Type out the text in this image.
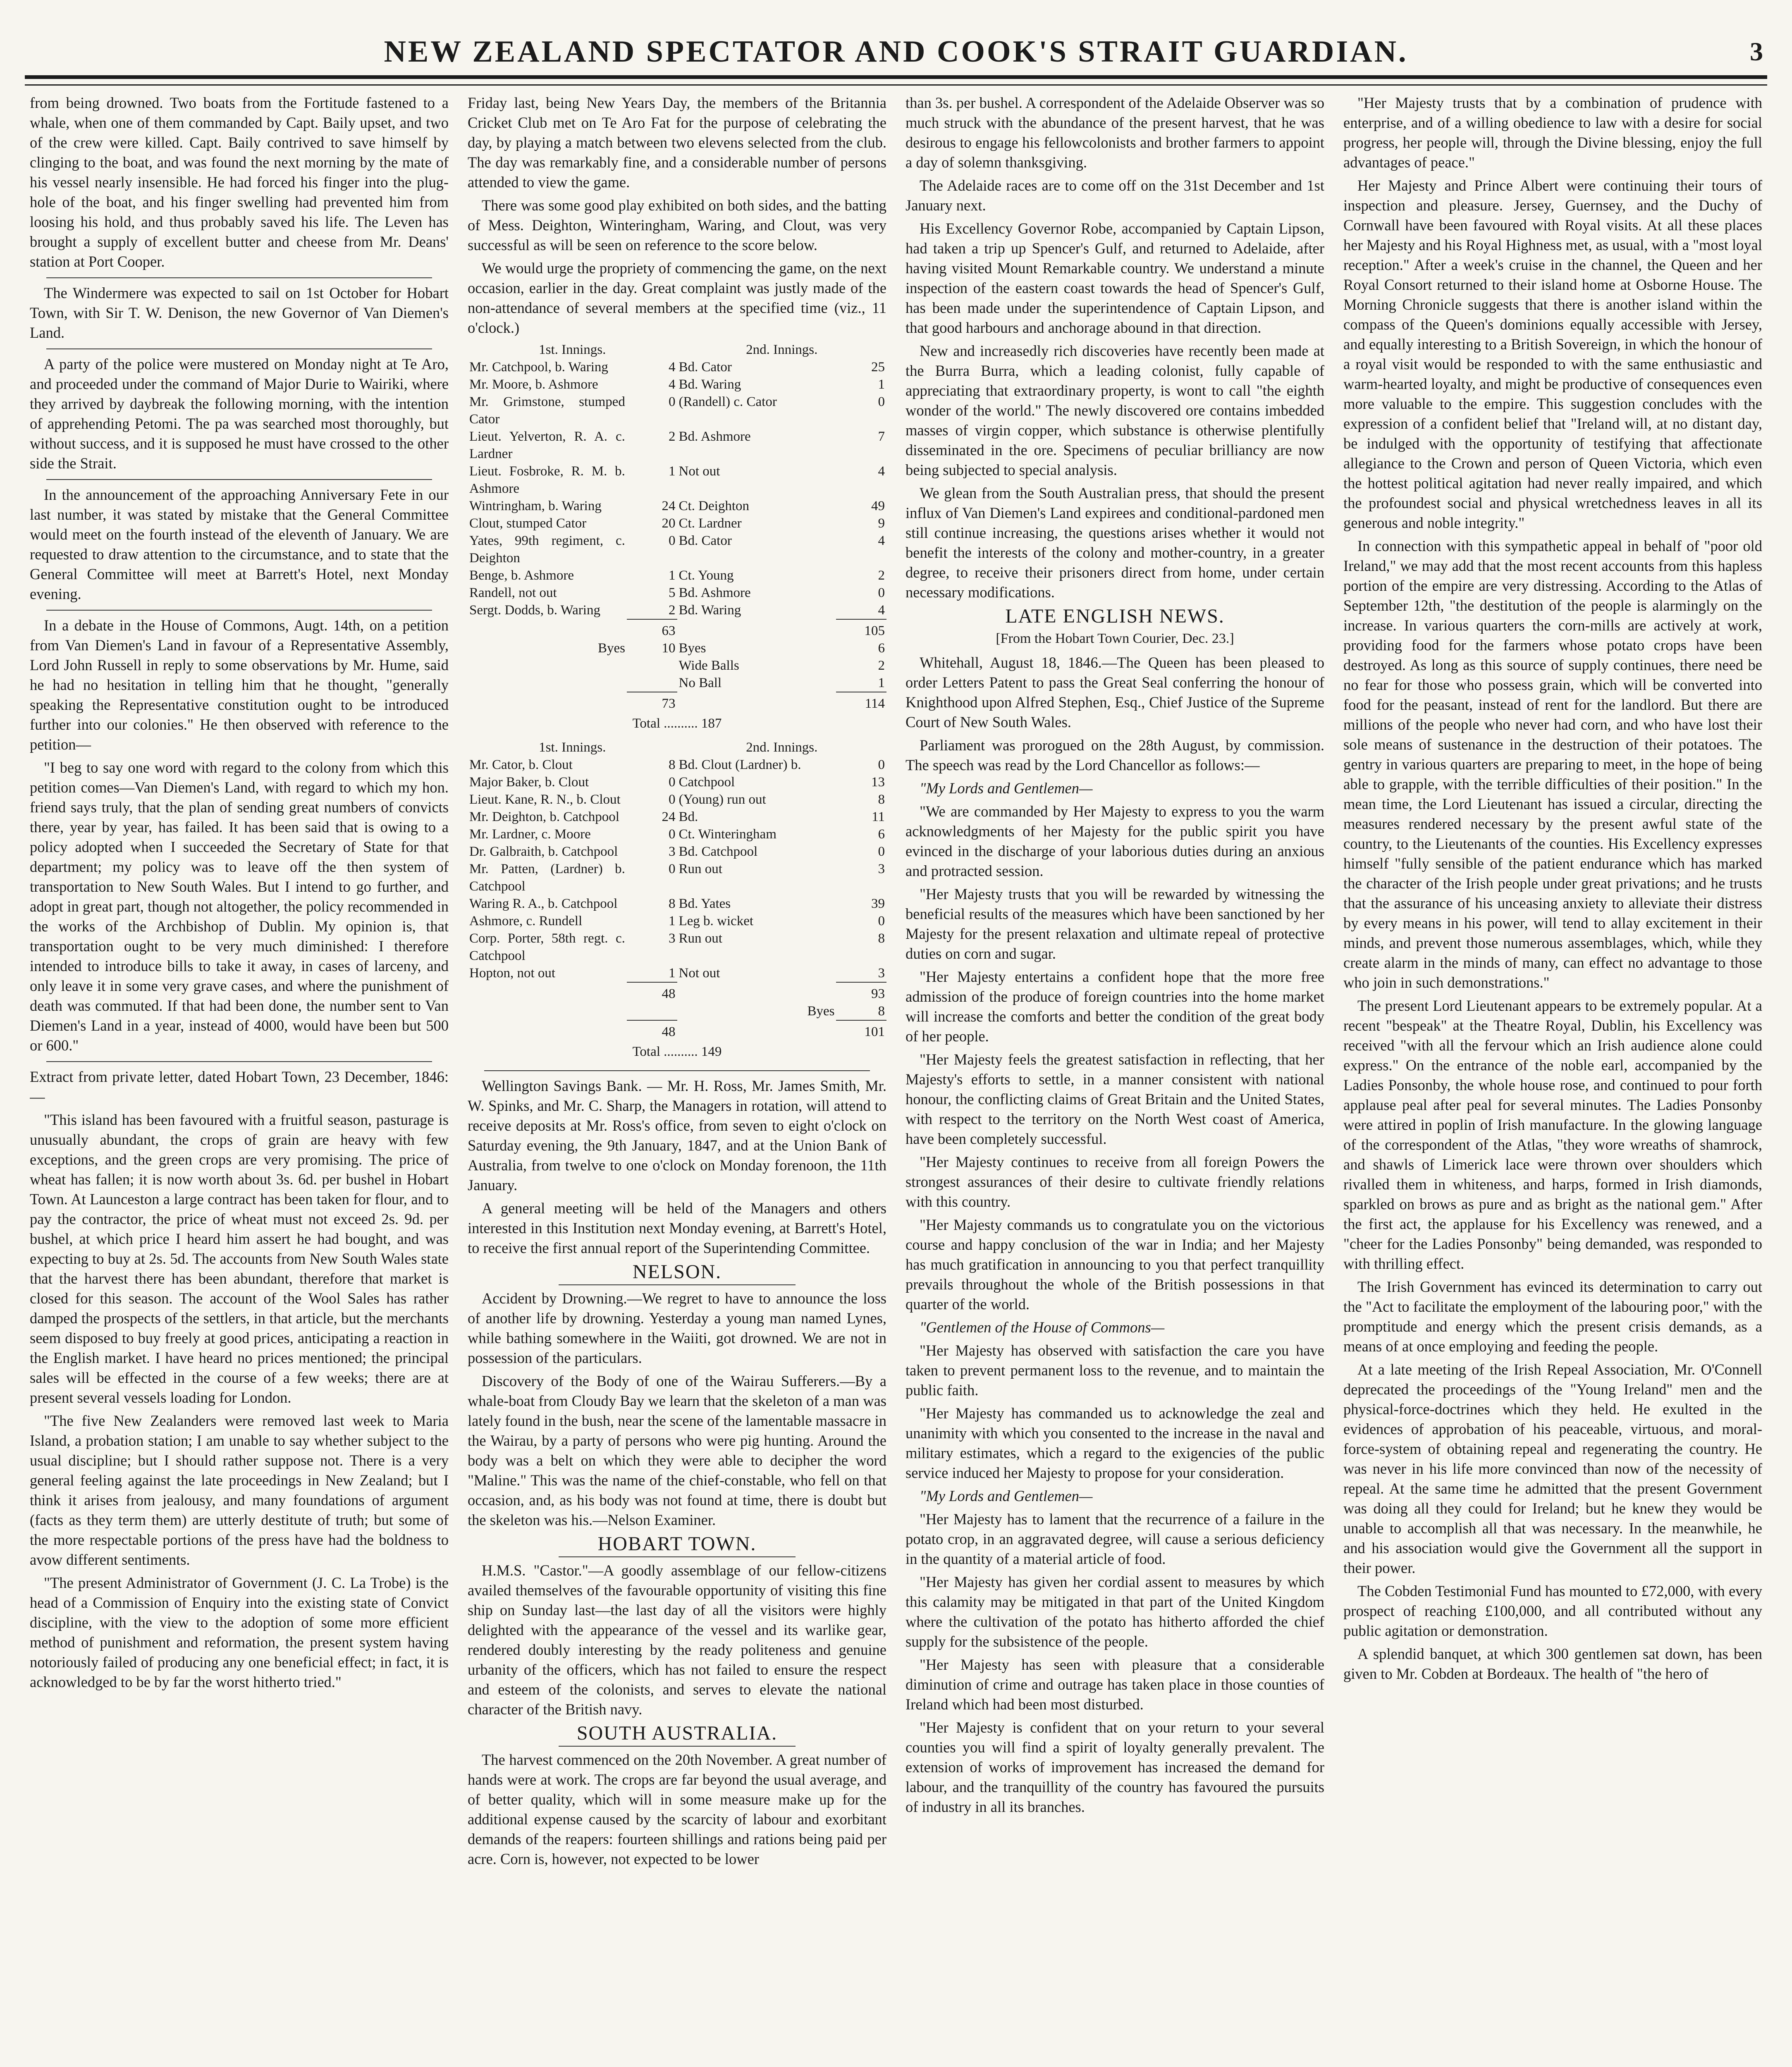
NEW ZEALAND SPECTATOR AND COOK'S STRAIT GUARDIAN.	3

from being drowned. Two boats from the Fortitude fastened to a whale, when one of them commanded by Capt. Baily upset, and two of the crew were killed. Capt. Baily contrived to save himself by clinging to the boat, and was found the next morning by the mate of his vessel nearly insensible. He had forced his finger into the plug-hole of the boat, and his finger swelling had prevented him from loosing his hold, and thus probably saved his life. The Leven has brought a supply of excellent butter and cheese from Mr. Deans' station at Port Cooper.

The Windermere was expected to sail on 1st October for Hobart Town, with Sir T. W. Denison, the new Governor of Van Diemen's Land.

A party of the police were mustered on Monday night at Te Aro, and proceeded under the command of Major Durie to Wairiki, where they arrived by daybreak the following morning, with the intention of apprehending Petomi. The pa was searched most thoroughly, but without success, and it is supposed he must have crossed to the other side the Strait.

In the announcement of the approaching Anniversary Fete in our last number, it was stated by mistake that the General Committee would meet on the fourth instead of the eleventh of January. We are requested to draw attention to the circumstance, and to state that the General Committee will meet at Barrett's Hotel, next Monday evening.

In a debate in the House of Commons, Augt. 14th, on a petition from Van Diemen's Land in favour of a Representative Assembly, Lord John Russell in reply to some observations by Mr. Hume, said he had no hesitation in telling him that he thought, "generally speaking the Representative constitution ought to be introduced further into our colonies." He then observed with reference to the petition—

"I beg to say one word with regard to the colony from which this petition comes—Van Diemen's Land, with regard to which my hon. friend says truly, that the plan of sending great numbers of convicts there, year by year, has failed. It has been said that is owing to a policy adopted when I succeeded the Secretary of State for that department; my policy was to leave off the then system of transportation to New South Wales. But I intend to go further, and adopt in great part, though not altogether, the policy recommended in the works of the Archbishop of Dublin. My opinion is, that transportation ought to be very much diminished: I therefore intended to introduce bills to take it away, in cases of larceny, and only leave it in some very grave cases, and where the punishment of death was commuted. If that had been done, the number sent to Van Diemen's Land in a year, instead of 4000, would have been but 500 or 600."

Extract from private letter, dated Hobart Town, 23 December, 1846:—

"This island has been favoured with a fruitful season, pasturage is unusually abundant, the crops of grain are heavy with few exceptions, and the green crops are very promising. The price of wheat has fallen; it is now worth about 3s. 6d. per bushel in Hobart Town. At Launceston a large contract has been taken for flour, and to pay the contractor, the price of wheat must not exceed 2s. 9d. per bushel, at which price I heard him assert he had bought, and was expecting to buy at 2s. 5d. The accounts from New South Wales state that the harvest there has been abundant, therefore that market is closed for this season. The account of the Wool Sales has rather damped the prospects of the settlers, in that article, but the merchants seem disposed to buy freely at good prices, anticipating a reaction in the English market. I have heard no prices mentioned; the principal sales will be effected in the course of a few weeks; there are at present several vessels loading for London.

"The five New Zealanders were removed last week to Maria Island, a probation station; I am unable to say whether subject to the usual discipline; but I should rather suppose not. There is a very general feeling against the late proceedings in New Zealand; but I think it arises from jealousy, and many foundations of argument (facts as they term them) are utterly destitute of truth; but some of the more respectable portions of the press have had the boldness to avow different sentiments.

"The present Administrator of Government (J. C. La Trobe) is the head of a Commission of Enquiry into the existing state of Convict discipline, with the view to the adoption of some more efficient method of punishment and reformation, the present system having notoriously failed of producing any one beneficial effect; in fact, it is acknowledged to be by far the worst hitherto tried."

Friday last, being New Years Day, the members of the Britannia Cricket Club met on Te Aro Fat for the purpose of celebrating the day, by playing a match between two elevens selected from the club. The day was remarkably fine, and a considerable number of persons attended to view the game.

There was some good play exhibited on both sides, and the batting of Mess. Deighton, Winteringham, Waring, and Clout, was very successful as will be seen on reference to the score below.

We would urge the propriety of commencing the game, on the next occasion, earlier in the day. Great complaint was justly made of the non-attendance of several members at the specified time (viz., 11 o'clock.)

1st. Innings.		2nd. Innings.	
Mr. Catchpool, b. Waring	4	Bd. Cator	25
Mr. Moore, b. Ashmore	4	Bd. Waring	1
Mr. Grimstone, stumped Cator	0	(Randell) c. Cator	0
Lieut. Yelverton, R. A. c. Lardner	2	Bd. Ashmore	7
Lieut. Fosbroke, R. M. b. Ashmore	1	Not out	4
Wintringham, b. Waring	24	Ct. Deighton	49
Clout, stumped Cator	20	Ct. Lardner	9
Yates, 99th regiment, c. Deighton	0	Bd. Cator	4
Benge, b. Ashmore	1	Ct. Young	2
Randell, not out	5	Bd. Ashmore	0
Sergt. Dodds, b. Waring	2	Bd. Waring	4
	63		105
Byes	10	Byes	6
		Wide Balls	2
		No Ball	1
	73		114
Total .......... 187			
1st. Innings.		2nd. Innings.	
Mr. Cator, b. Clout	8	Bd. Clout (Lardner) b.	0
Major Baker, b. Clout	0	Catchpool	13
Lieut. Kane, R. N., b. Clout	0	(Young) run out	8
Mr. Deighton, b. Catchpool	24	Bd.	11
Mr. Lardner, c. Moore	0	Ct. Winteringham	6
Dr. Galbraith, b. Catchpool	3	Bd. Catchpool	0
Mr. Patten, (Lardner) b. Catchpool	0	Run out	3
Waring R. A., b. Catchpool	8	Bd. Yates	39
Ashmore, c. Rundell	1	Leg b. wicket	0
Corp. Porter, 58th regt. c. Catchpool	3	Run out	8
Hopton, not out	1	Not out	3
	48		93
		Byes	8
	48		101
Total .......... 149			

Wellington Savings Bank. — Mr. H. Ross, Mr. James Smith, Mr. W. Spinks, and Mr. C. Sharp, the Managers in rotation, will attend to receive deposits at Mr. Ross's office, from seven to eight o'clock on Saturday evening, the 9th January, 1847, and at the Union Bank of Australia, from twelve to one o'clock on Monday forenoon, the 11th January.

A general meeting will be held of the Managers and others interested in this Institution next Monday evening, at Barrett's Hotel, to receive the first annual report of the Superintending Committee.

NELSON.

Accident by Drowning.—We regret to have to announce the loss of another life by drowning. Yesterday a young man named Lynes, while bathing somewhere in the Waiiti, got drowned. We are not in possession of the particulars.

Discovery of the Body of one of the Wairau Sufferers.—By a whale-boat from Cloudy Bay we learn that the skeleton of a man was lately found in the bush, near the scene of the lamentable massacre in the Wairau, by a party of persons who were pig hunting. Around the body was a belt on which they were able to decipher the word "Maline." This was the name of the chief-constable, who fell on that occasion, and, as his body was not found at time, there is doubt but the skeleton was his.—Nelson Examiner.

HOBART TOWN.

H.M.S. "Castor."—A goodly assemblage of our fellow-citizens availed themselves of the favourable opportunity of visiting this fine ship on Sunday last—the last day of all the visitors were highly delighted with the appearance of the vessel and its warlike gear, rendered doubly interesting by the ready politeness and genuine urbanity of the officers, which has not failed to ensure the respect and esteem of the colonists, and serves to elevate the national character of the British navy.

SOUTH AUSTRALIA.

The harvest commenced on the 20th November. A great number of hands were at work. The crops are far beyond the usual average, and of better quality, which will in some measure make up for the additional expense caused by the scarcity of labour and exorbitant demands of the reapers: fourteen shillings and rations being paid per acre. Corn is, however, not expected to be lower

than 3s. per bushel. A correspondent of the Adelaide Observer was so much struck with the abundance of the present harvest, that he was desirous to engage his fellowcolonists and brother farmers to appoint a day of solemn thanksgiving.

The Adelaide races are to come off on the 31st December and 1st January next.

His Excellency Governor Robe, accompanied by Captain Lipson, had taken a trip up Spencer's Gulf, and returned to Adelaide, after having visited Mount Remarkable country. We understand a minute inspection of the eastern coast towards the head of Spencer's Gulf, has been made under the superintendence of Captain Lipson, and that good harbours and anchorage abound in that direction.

New and increasedly rich discoveries have recently been made at the Burra Burra, which a leading colonist, fully capable of appreciating that extraordinary property, is wont to call "the eighth wonder of the world." The newly discovered ore contains imbedded masses of virgin copper, which substance is otherwise plentifully disseminated in the ore. Specimens of peculiar brilliancy are now being subjected to special analysis.

We glean from the South Australian press, that should the present influx of Van Diemen's Land expirees and conditional-pardoned men still continue increasing, the questions arises whether it would not benefit the interests of the colony and mother-country, in a greater degree, to receive their prisoners direct from home, under certain necessary modifications.

LATE ENGLISH NEWS.
[From the Hobart Town Courier, Dec. 23.]

Whitehall, August 18, 1846.—The Queen has been pleased to order Letters Patent to pass the Great Seal conferring the honour of Knighthood upon Alfred Stephen, Esq., Chief Justice of the Supreme Court of New South Wales.

Parliament was prorogued on the 28th August, by commission. The speech was read by the Lord Chancellor as follows:—

"My Lords and Gentlemen—

"We are commanded by Her Majesty to express to you the warm acknowledgments of her Majesty for the public spirit you have evinced in the discharge of your laborious duties during an anxious and protracted session.

"Her Majesty trusts that you will be rewarded by witnessing the beneficial results of the measures which have been sanctioned by her Majesty for the present relaxation and ultimate repeal of protective duties on corn and sugar.

"Her Majesty entertains a confident hope that the more free admission of the produce of foreign countries into the home market will increase the comforts and better the condition of the great body of her people.

"Her Majesty feels the greatest satisfaction in reflecting, that her Majesty's efforts to settle, in a manner consistent with national honour, the conflicting claims of Great Britain and the United States, with respect to the territory on the North West coast of America, have been completely successful.

"Her Majesty continues to receive from all foreign Powers the strongest assurances of their desire to cultivate friendly relations with this country.

"Her Majesty commands us to congratulate you on the victorious course and happy conclusion of the war in India; and her Majesty has much gratification in announcing to you that perfect tranquillity prevails throughout the whole of the British possessions in that quarter of the world.

"Gentlemen of the House of Commons—

"Her Majesty has observed with satisfaction the care you have taken to prevent permanent loss to the revenue, and to maintain the public faith.

"Her Majesty has commanded us to acknowledge the zeal and unanimity with which you consented to the increase in the naval and military estimates, which a regard to the exigencies of the public service induced her Majesty to propose for your consideration.

"My Lords and Gentlemen—

"Her Majesty has to lament that the recurrence of a failure in the potato crop, in an aggravated degree, will cause a serious deficiency in the quantity of a material article of food.

"Her Majesty has given her cordial assent to measures by which this calamity may be mitigated in that part of the United Kingdom where the cultivation of the potato has hitherto afforded the chief supply for the subsistence of the people.

"Her Majesty has seen with pleasure that a considerable diminution of crime and outrage has taken place in those counties of Ireland which had been most disturbed.

"Her Majesty is confident that on your return to your several counties you will find a spirit of loyalty generally prevalent. The extension of works of improvement has increased the demand for labour, and the tranquillity of the country has favoured the pursuits of industry in all its branches.

"Her Majesty trusts that by a combination of prudence with enterprise, and of a willing obedience to law with a desire for social progress, her people will, through the Divine blessing, enjoy the full advantages of peace."

Her Majesty and Prince Albert were continuing their tours of inspection and pleasure. Jersey, Guernsey, and the Duchy of Cornwall have been favoured with Royal visits. At all these places her Majesty and his Royal Highness met, as usual, with a "most loyal reception." After a week's cruise in the channel, the Queen and her Royal Consort returned to their island home at Osborne House. The Morning Chronicle suggests that there is another island within the compass of the Queen's dominions equally accessible with Jersey, and equally interesting to a British Sovereign, in which the honour of a royal visit would be responded to with the same enthusiastic and warm-hearted loyalty, and might be productive of consequences even more valuable to the empire. This suggestion concludes with the expression of a confident belief that "Ireland will, at no distant day, be indulged with the opportunity of testifying that affectionate allegiance to the Crown and person of Queen Victoria, which even the hottest political agitation had never really impaired, and which the profoundest social and physical wretchedness leaves in all its generous and noble integrity."

In connection with this sympathetic appeal in behalf of "poor old Ireland," we may add that the most recent accounts from this hapless portion of the empire are very distressing. According to the Atlas of September 12th, "the destitution of the people is alarmingly on the increase. In various quarters the corn-mills are actively at work, providing food for the farmers whose potato crops have been destroyed. As long as this source of supply continues, there need be no fear for those who possess grain, which will be converted into food for the peasant, instead of rent for the landlord. But there are millions of the people who never had corn, and who have lost their sole means of sustenance in the destruction of their potatoes. The gentry in various quarters are preparing to meet, in the hope of being able to grapple, with the terrible difficulties of their position." In the mean time, the Lord Lieutenant has issued a circular, directing the measures rendered necessary by the present awful state of the country, to the Lieutenants of the counties. His Excellency expresses himself "fully sensible of the patient endurance which has marked the character of the Irish people under great privations; and he trusts that the assurance of his unceasing anxiety to alleviate their distress by every means in his power, will tend to allay excitement in their minds, and prevent those numerous assemblages, which, while they create alarm in the minds of many, can effect no advantage to those who join in such demonstrations."

The present Lord Lieutenant appears to be extremely popular. At a recent "bespeak" at the Theatre Royal, Dublin, his Excellency was received "with all the fervour which an Irish audience alone could express." On the entrance of the noble earl, accompanied by the Ladies Ponsonby, the whole house rose, and continued to pour forth applause peal after peal for several minutes. The Ladies Ponsonby were attired in poplin of Irish manufacture. In the glowing language of the correspondent of the Atlas, "they wore wreaths of shamrock, and shawls of Limerick lace were thrown over shoulders which rivalled them in whiteness, and harps, formed in Irish diamonds, sparkled on brows as pure and as bright as the national gem." After the first act, the applause for his Excellency was renewed, and a "cheer for the Ladies Ponsonby" being demanded, was responded to with thrilling effect.

The Irish Government has evinced its determination to carry out the "Act to facilitate the employment of the labouring poor," with the promptitude and energy which the present crisis demands, as a means of at once employing and feeding the people.

At a late meeting of the Irish Repeal Association, Mr. O'Connell deprecated the proceedings of the "Young Ireland" men and the physical-force-doctrines which they held. He exulted in the evidences of approbation of his peaceable, virtuous, and moral-force-system of obtaining repeal and regenerating the country. He was never in his life more convinced than now of the necessity of repeal. At the same time he admitted that the present Government was doing all they could for Ireland; but he knew they would be unable to accomplish all that was necessary. In the meanwhile, he and his association would give the Government all the support in their power.

The Cobden Testimonial Fund has mounted to £72,000, with every prospect of reaching £100,000, and all contributed without any public agitation or demonstration.

A splendid banquet, at which 300 gentlemen sat down, has been given to Mr. Cobden at Bordeaux. The health of "the hero of
